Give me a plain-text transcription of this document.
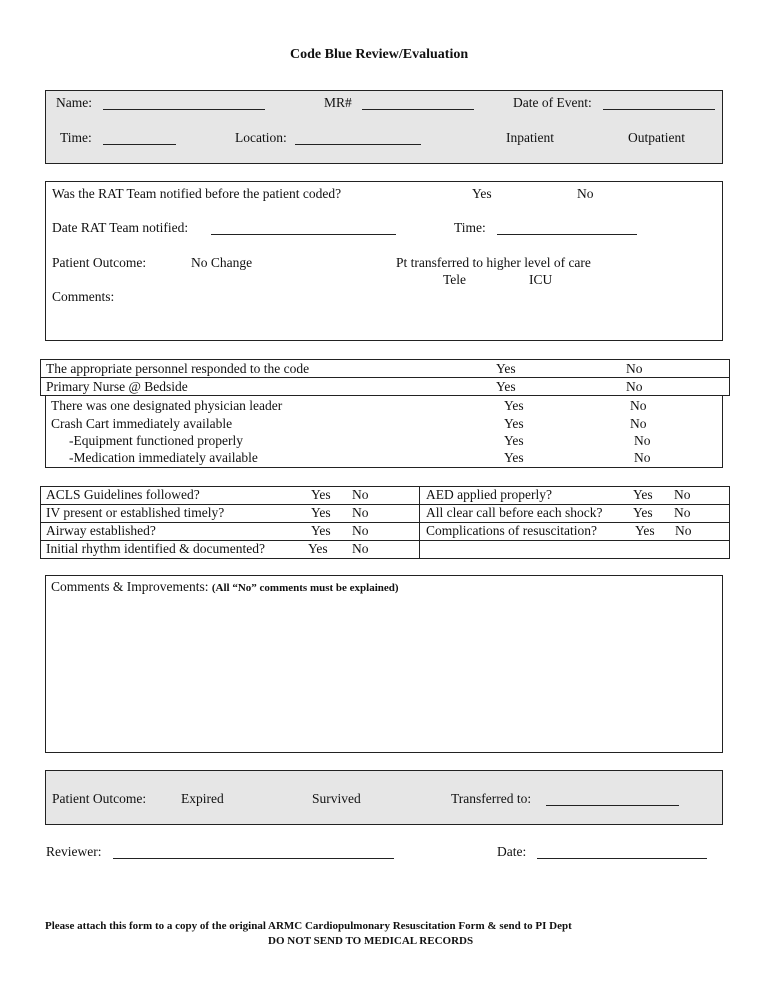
Code Blue Review/Evaluation
Name:	MR#	Date of Event:
Time:	Location:	Inpatient	Outpatient
Was the RAT Team notified before the patient coded?	Yes	No
Date RAT Team notified:	Time:
Patient Outcome:	No Change	Pt transferred to higher level of care
Tele	ICU
Comments:
The appropriate personnel responded to the code	Yes	No
Primary Nurse @ Bedside	Yes	No
There was one designated physician leader	Yes	No
Crash Cart immediately available	Yes	No
-Equipment functioned properly	Yes	No
-Medication immediately available	Yes	No
ACLS Guidelines followed?	Yes No
IV present or established timely?	Yes No
Airway established?	Yes No
Initial rhythm identified & documented?	Yes No
AED applied properly?	Yes No
All clear call before each shock? Yes No
Complications of resuscitation?	Yes No
Comments & Improvements: (All “No” comments must be explained)
Patient Outcome:	Expired	Survived	Transferred to:
Reviewer:	Date:
Please attach this form to a copy of the original ARMC Cardiopulmonary Resuscitation Form & send to PI Dept
DO NOT SEND TO MEDICAL RECORDS
